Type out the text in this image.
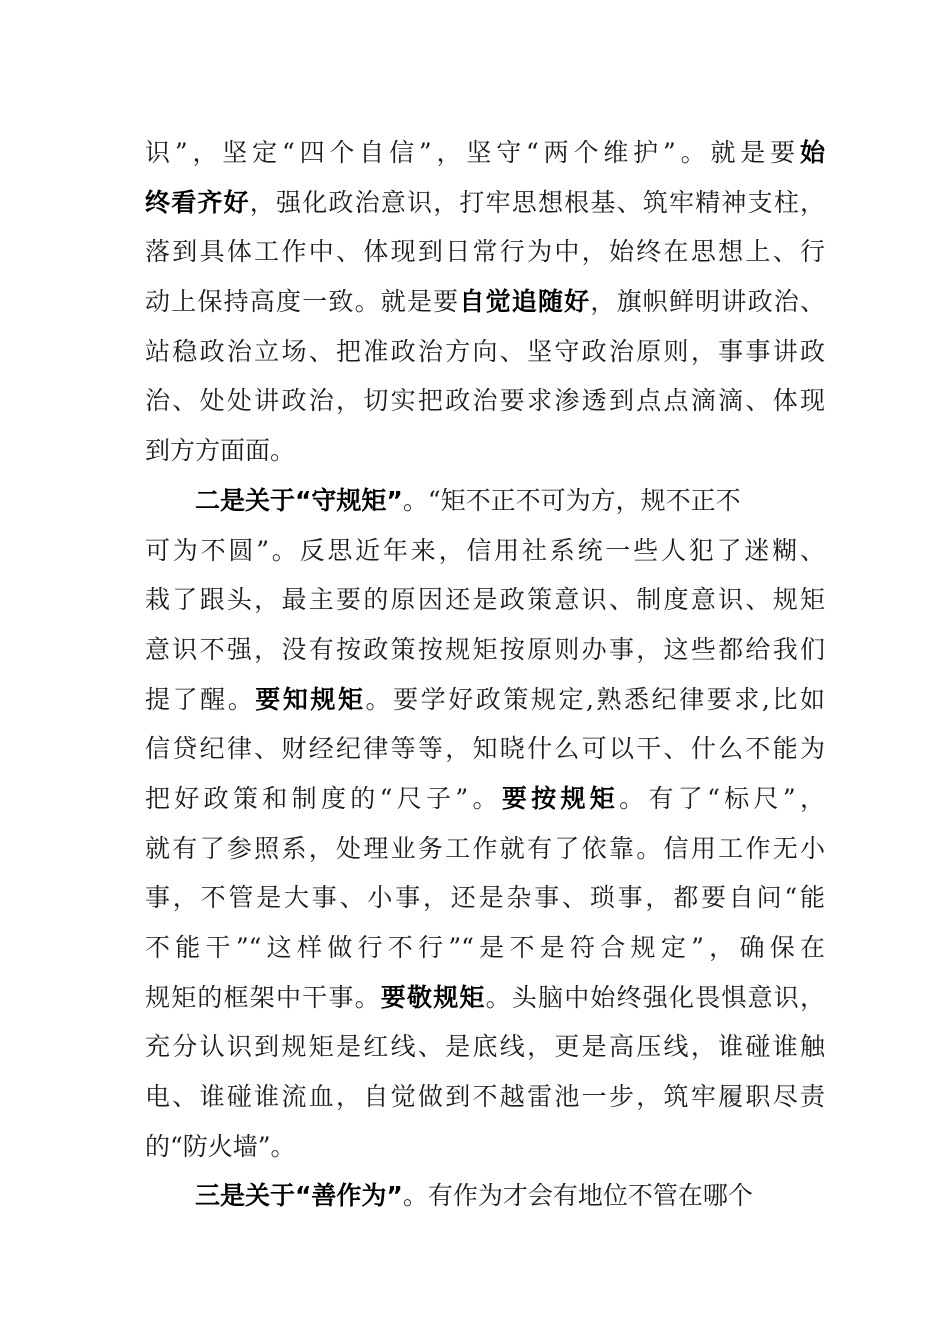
识”，坚定“四个自信”，坚守“两个维护”。就是要始
终看齐好，强化政治意识，打牢思想根基、筑牢精神支柱，
落到具体工作中、体现到日常行为中，始终在思想上、行
动上保持高度一致。就是要自觉追随好，旗帜鲜明讲政治、
站稳政治立场、把准政治方向、坚守政治原则，事事讲政
治、处处讲政治，切实把政治要求渗透到点点滴滴、体现
到方方面面。
二是关于“守规矩”。“矩不正不可为方，规不正不
可为不圆”。反思近年来，信用社系统一些人犯了迷糊、
栽了跟头，最主要的原因还是政策意识、制度意识、规矩
意识不强，没有按政策按规矩按原则办事，这些都给我们
提了醒。要知规矩。要学好政策规定,熟悉纪律要求,比如
信贷纪律、财经纪律等等，知晓什么可以干、什么不能为
把好政策和制度的“尺子”。要按规矩。有了“标尺”，
就有了参照系，处理业务工作就有了依靠。信用工作无小
事，不管是大事、小事，还是杂事、琐事，都要自问“能
不能干”“这样做行不行”“是不是符合规定”，确保在
规矩的框架中干事。要敬规矩。头脑中始终强化畏惧意识，
充分认识到规矩是红线、是底线，更是高压线，谁碰谁触
电、谁碰谁流血，自觉做到不越雷池一步，筑牢履职尽责
的“防火墙”。
三是关于“善作为”。有作为才会有地位不管在哪个
